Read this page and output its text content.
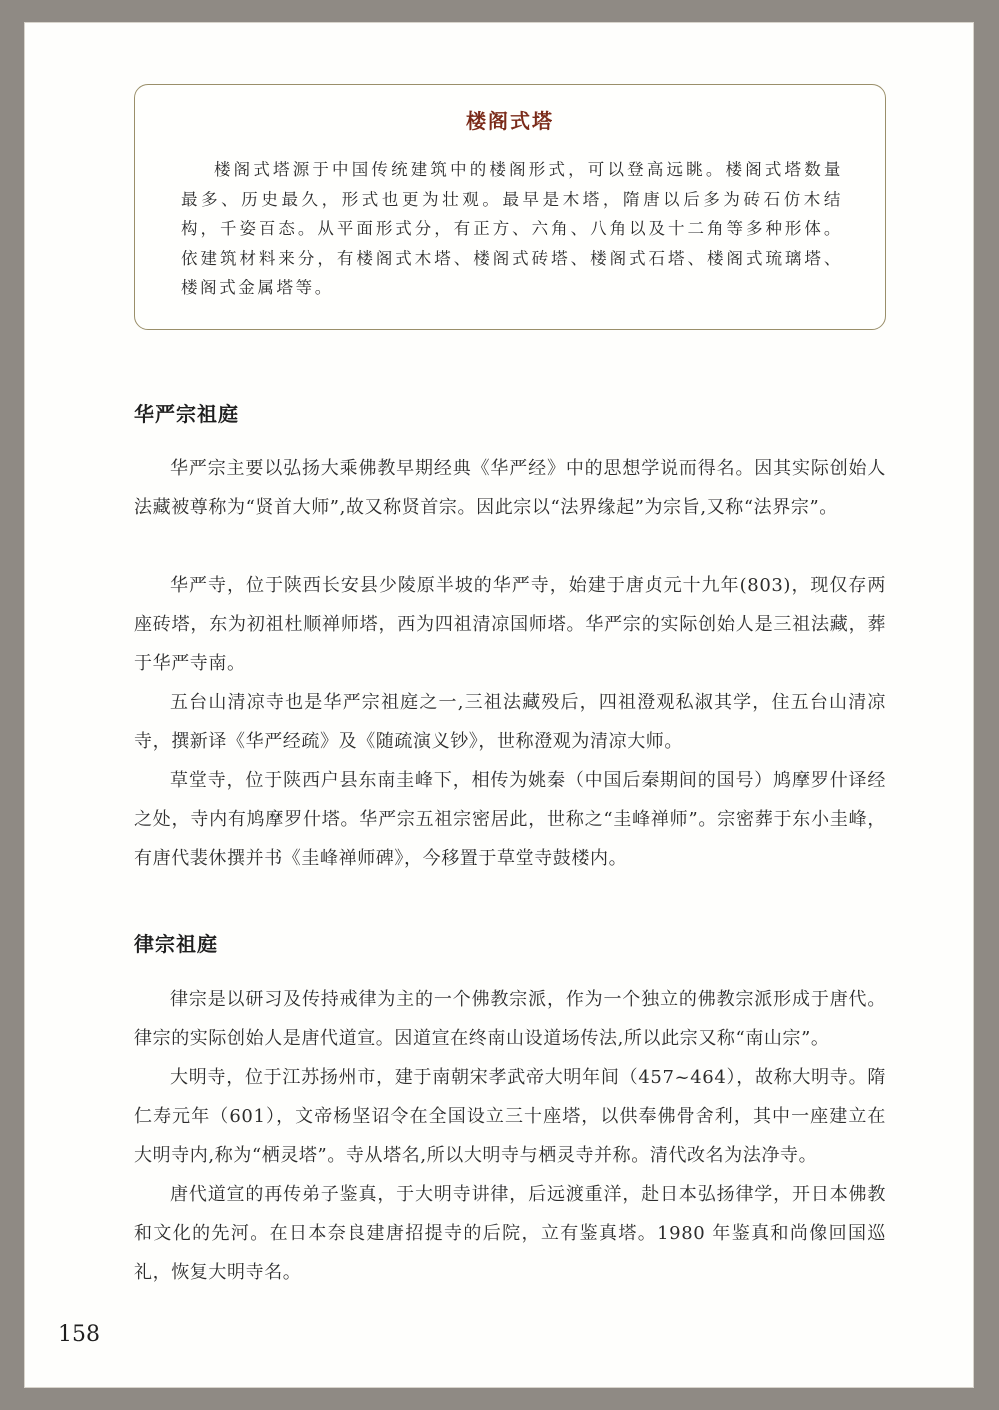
楼阁式塔

楼阁式塔源于中国传统建筑中的楼阁形式，可以登高远眺。楼阁式塔数量最多、历史最久，形式也更为壮观。最早是木塔，隋唐以后多为砖石仿木结构，千姿百态。从平面形式分，有正方、六角、八角以及十二角等多种形体。依建筑材料来分，有楼阁式木塔、楼阁式砖塔、楼阁式石塔、楼阁式琉璃塔、楼阁式金属塔等。

华严宗祖庭

华严宗主要以弘扬大乘佛教早期经典《华严经》中的思想学说而得名。因其实际创始人法藏被尊称为“贤首大师”,故又称贤首宗。因此宗以“法界缘起”为宗旨,又称“法界宗”。

华严寺，位于陕西长安县少陵原半坡的华严寺，始建于唐贞元十九年(803)，现仅存两座砖塔，东为初祖杜顺禅师塔，西为四祖清凉国师塔。华严宗的实际创始人是三祖法藏，葬于华严寺南。

五台山清凉寺也是华严宗祖庭之一,三祖法藏殁后，四祖澄观私淑其学，住五台山清凉寺，撰新译《华严经疏》及《随疏演义钞》，世称澄观为清凉大师。

草堂寺，位于陕西户县东南圭峰下，相传为姚秦（中国后秦期间的国号）鸠摩罗什译经之处，寺内有鸠摩罗什塔。华严宗五祖宗密居此，世称之“圭峰禅师”。宗密葬于东小圭峰，有唐代裴休撰并书《圭峰禅师碑》，今移置于草堂寺鼓楼内。

律宗祖庭

律宗是以研习及传持戒律为主的一个佛教宗派，作为一个独立的佛教宗派形成于唐代。律宗的实际创始人是唐代道宣。因道宣在终南山设道场传法,所以此宗又称“南山宗”。

大明寺，位于江苏扬州市，建于南朝宋孝武帝大明年间（457~464），故称大明寺。隋仁寿元年（601），文帝杨坚诏令在全国设立三十座塔，以供奉佛骨舍利，其中一座建立在大明寺内,称为“栖灵塔”。寺从塔名,所以大明寺与栖灵寺并称。清代改名为法净寺。

唐代道宣的再传弟子鉴真，于大明寺讲律，后远渡重洋，赴日本弘扬律学，开日本佛教和文化的先河。在日本奈良建唐招提寺的后院，立有鉴真塔。1980 年鉴真和尚像回国巡礼，恢复大明寺名。

158
